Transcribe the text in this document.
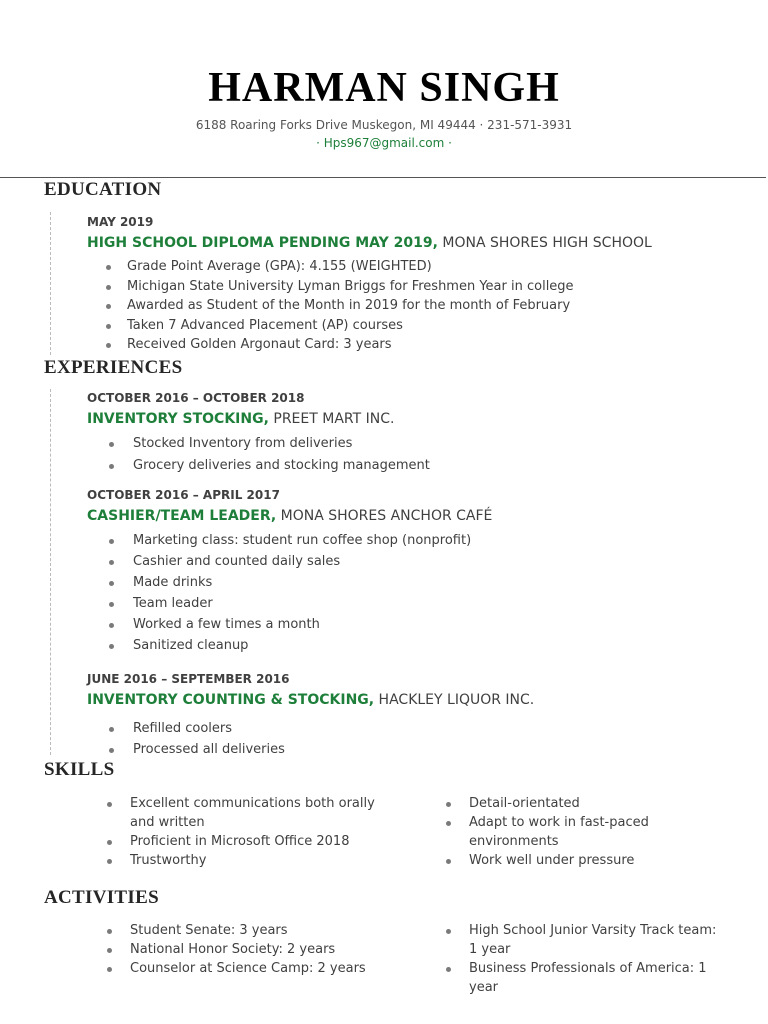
HARMAN SINGH
6188 Roaring Forks Drive Muskegon, MI 49444 · 231-571-3931
· Hps967@gmail.com ·
EDUCATION
MAY 2019
HIGH SCHOOL DIPLOMA PENDING MAY 2019, MONA SHORES HIGH SCHOOL
Grade Point Average (GPA): 4.155 (WEIGHTED)
Michigan State University Lyman Briggs for Freshmen Year in college
Awarded as Student of the Month in 2019 for the month of February
Taken 7 Advanced Placement (AP) courses
Received Golden Argonaut Card: 3 years
EXPERIENCES
OCTOBER 2016 – OCTOBER 2018
INVENTORY STOCKING, PREET MART INC.
Stocked Inventory from deliveries
Grocery deliveries and stocking management
OCTOBER 2016 – APRIL 2017
CASHIER/TEAM LEADER, MONA SHORES ANCHOR CAFÉ
Marketing class: student run coffee shop (nonprofit)
Cashier and counted daily sales
Made drinks
Team leader
Worked a few times a month
Sanitized cleanup
JUNE 2016 – SEPTEMBER 2016
INVENTORY COUNTING & STOCKING, HACKLEY LIQUOR INC.
Refilled coolers
Processed all deliveries
SKILLS
Excellent communications both orally and written
Proficient in Microsoft Office 2018
Trustworthy
Detail-orientated
Adapt to work in fast-paced environments
Work well under pressure
ACTIVITIES
Student Senate: 3 years
National Honor Society: 2 years
Counselor at Science Camp: 2 years
High School Junior Varsity Track team: 1 year
Business Professionals of America: 1 year
